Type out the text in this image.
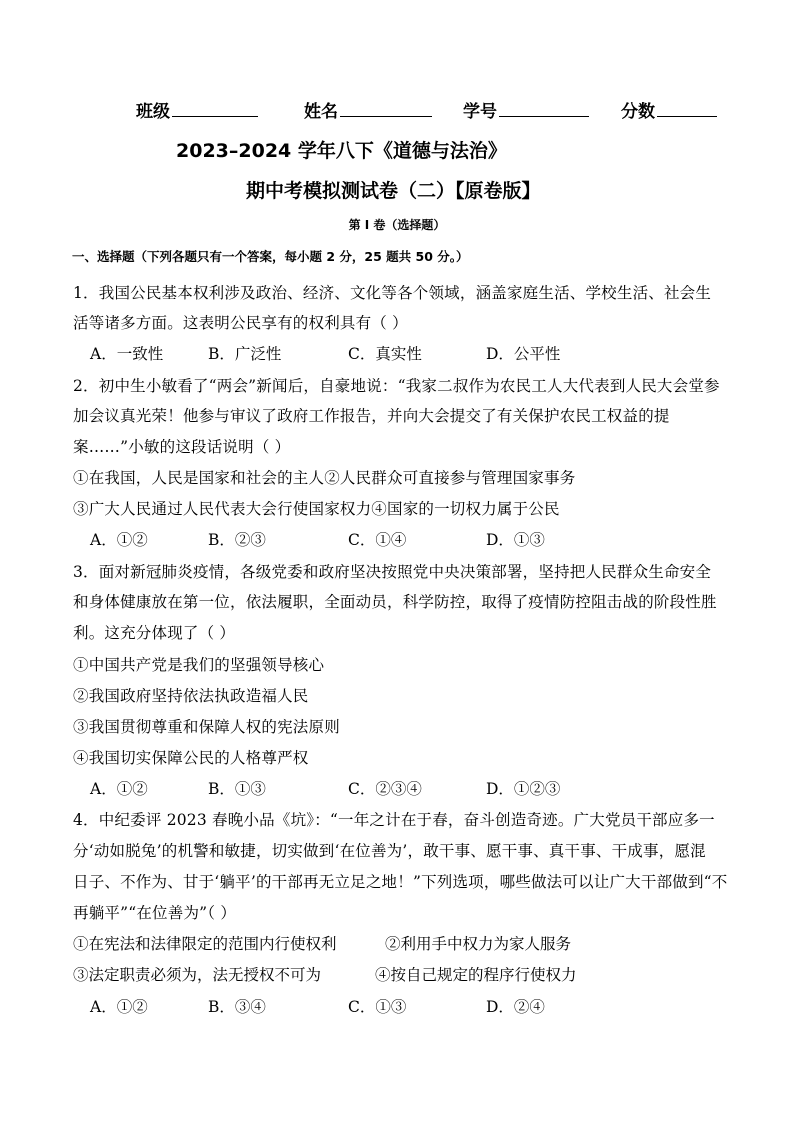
班级	姓名	学号	分数
2023–2024 学年八下《道德与法治》
期中考模拟测试卷（二）【原卷版】
第 I 卷（选择题）
一、选择题（下列各题只有一个答案，每小题 2 分，25 题共 50 分。）
1．我国公民基本权利涉及政治、经济、文化等各个领域，涵盖家庭生活、学校生活、社会生
活等诸多方面。这表明公民享有的权利具有（ ）
A．一致性	B．广泛性	C．真实性	D．公平性
2．初中生小敏看了“两会”新闻后，自豪地说：“我家二叔作为农民工人大代表到人民大会堂参
加会议真光荣！他参与审议了政府工作报告，并向大会提交了有关保护农民工权益的提
案……”小敏的这段话说明（ ）
①在我国，人民是国家和社会的主人②人民群众可直接参与管理国家事务
③广大人民通过人民代表大会行使国家权力④国家的一切权力属于公民
A．①②	B．②③	C．①④	D．①③
3．面对新冠肺炎疫情，各级党委和政府坚决按照党中央决策部署，坚持把人民群众生命安全
和身体健康放在第一位，依法履职，全面动员，科学防控，取得了疫情防控阻击战的阶段性胜
利。这充分体现了（ ）
①中国共产党是我们的坚强领导核心
②我国政府坚持依法执政造福人民
③我国贯彻尊重和保障人权的宪法原则
④我国切实保障公民的人格尊严权
A．①②	B．①③	C．②③④	D．①②③
4．中纪委评 2023 春晚小品《坑》：“一年之计在于春，奋斗创造奇迹。广大党员干部应多一
分‘动如脱兔’的机警和敏捷，切实做到‘在位善为’，敢干事、愿干事、真干事、干成事，愿混
日子、不作为、甘于‘躺平’的干部再无立足之地！”下列选项，哪些做法可以让广大干部做到“不
再躺平”“在位善为”（ ）
①在宪法和法律限定的范围内行使权利	②利用手中权力为家人服务
③法定职责必须为，法无授权不可为	④按自己规定的程序行使权力
A．①②	B．③④	C．①③	D．②④
